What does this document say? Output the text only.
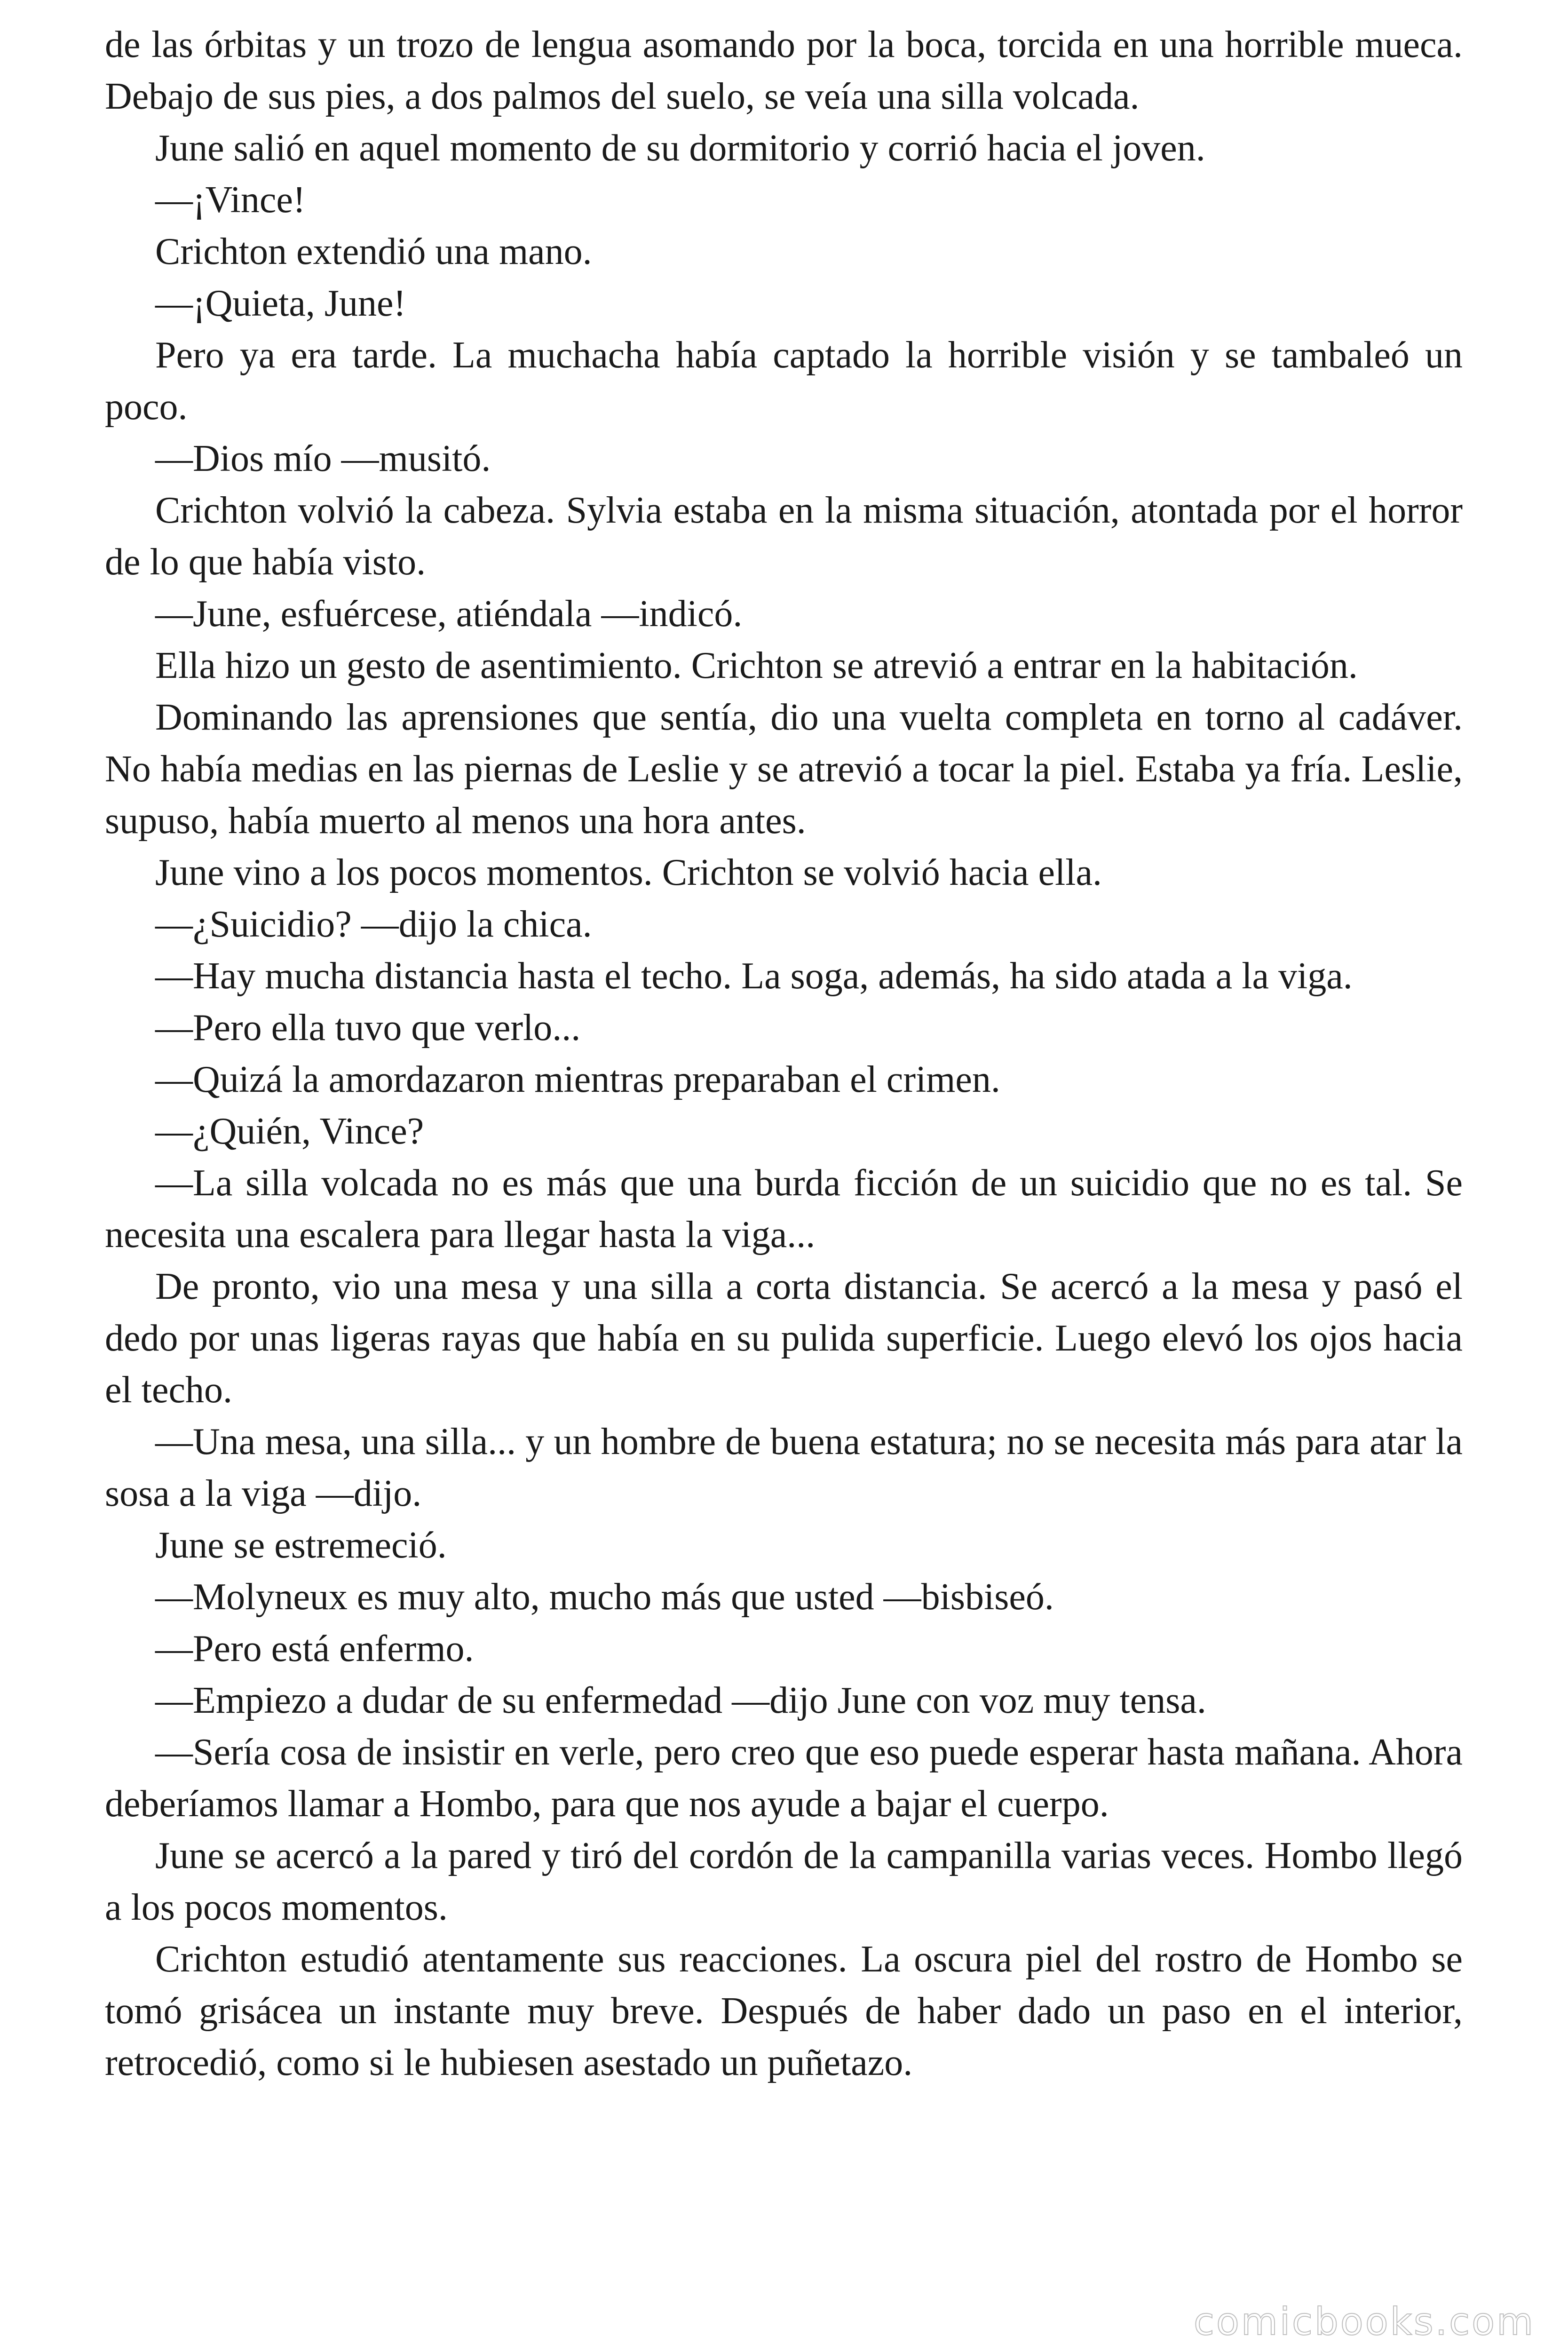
de las órbitas y un trozo de lengua asomando por la boca, torcida en una horrible mueca. Debajo de sus pies, a dos palmos del suelo, se veía una silla volcada.

June salió en aquel momento de su dormitorio y corrió hacia el joven.

—¡Vince!

Crichton extendió una mano.

—¡Quieta, June!

Pero ya era tarde. La muchacha había captado la horrible visión y se tambaleó un poco.

—Dios mío —musitó.

Crichton volvió la cabeza. Sylvia estaba en la misma situación, atontada por el horror de lo que había visto.

—June, esfuércese, atiéndala —indicó.

Ella hizo un gesto de asentimiento. Crichton se atrevió a entrar en la habitación.

Dominando las aprensiones que sentía, dio una vuelta completa en torno al cadáver. No había medias en las piernas de Leslie y se atrevió a tocar la piel. Estaba ya fría. Leslie, supuso, había muerto al menos una hora antes.

June vino a los pocos momentos. Crichton se volvió hacia ella.

—¿Suicidio? —dijo la chica.

—Hay mucha distancia hasta el techo. La soga, además, ha sido atada a la viga.

—Pero ella tuvo que verlo...

—Quizá la amordazaron mientras preparaban el crimen.

—¿Quién, Vince?

—La silla volcada no es más que una burda ficción de un suicidio que no es tal. Se necesita una escalera para llegar hasta la viga...

De pronto, vio una mesa y una silla a corta distancia. Se acercó a la mesa y pasó el dedo por unas ligeras rayas que había en su pulida superficie. Luego elevó los ojos hacia el techo.

—Una mesa, una silla... y un hombre de buena estatura; no se necesita más para atar la sosa a la viga —dijo.

June se estremeció.

—Molyneux es muy alto, mucho más que usted —bisbiseó.

—Pero está enfermo.

—Empiezo a dudar de su enfermedad —dijo June con voz muy tensa.

—Sería cosa de insistir en verle, pero creo que eso puede esperar hasta mañana. Ahora deberíamos llamar a Hombo, para que nos ayude a bajar el cuerpo.

June se acercó a la pared y tiró del cordón de la campanilla varias veces. Hombo llegó a los pocos momentos.

Crichton estudió atentamente sus reacciones. La oscura piel del rostro de Hombo se tomó grisácea un instante muy breve. Después de haber dado un paso en el interior, retrocedió, como si le hubiesen asestado un puñetazo.

comicbooks.com
